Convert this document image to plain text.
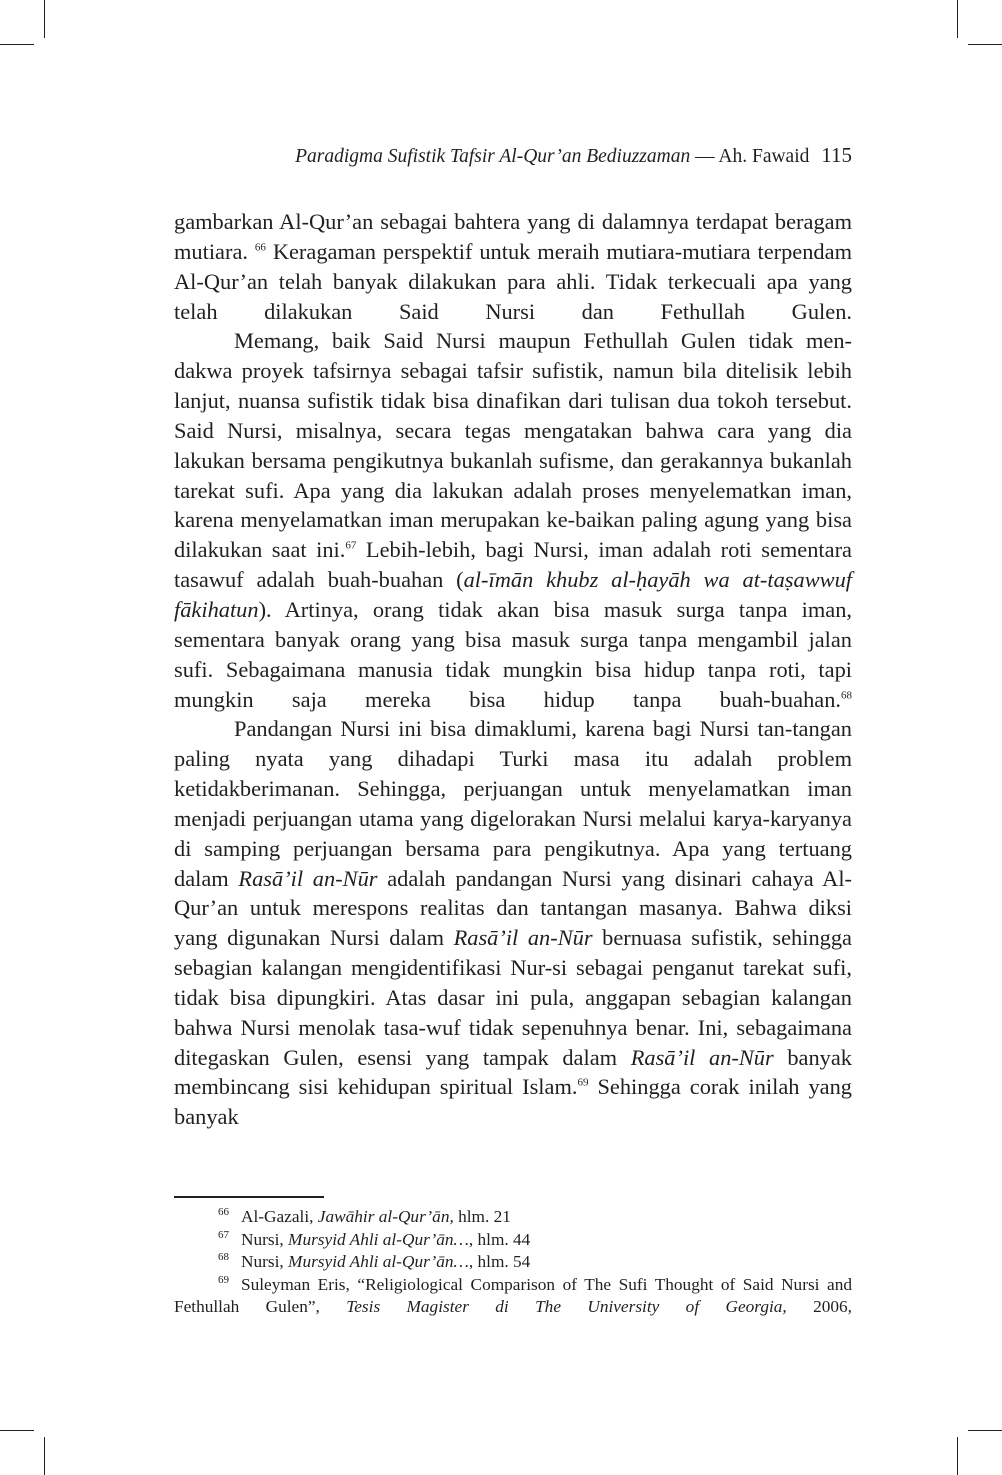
Paradigma Sufistik Tafsir Al-Qur’an Bediuzzaman — Ah. Fawaid 115

gambarkan Al-Qur’an sebagai bahtera yang di dalamnya terdapat beragam mutiara. $^{66}$ Keragaman perspektif untuk meraih mutiara-mutiara terpendam Al-Qur’an telah banyak dilakukan para ahli. Tidak terkecuali apa yang telah dilakukan Said Nursi dan Fethullah Gulen.

Memang, baik Said Nursi maupun Fethullah Gulen tidak men-dakwa proyek tafsirnya sebagai tafsir sufistik, namun bila ditelisik lebih lanjut, nuansa sufistik tidak bisa dinafikan dari tulisan dua tokoh tersebut. Said Nursi, misalnya, secara tegas mengatakan bahwa cara yang dia lakukan bersama pengikutnya bukanlah sufisme, dan gerakannya bukanlah tarekat sufi. Apa yang dia lakukan adalah proses menyelematkan iman, karena menyelamatkan iman merupakan ke-baikan paling agung yang bisa dilakukan saat ini.$^{67}$ Lebih-lebih, bagi Nursi, iman adalah roti sementara tasawuf adalah buah-buahan (al-īmān khubz al-ḥayāh wa at-taṣawwuf fākihatun). Artinya, orang tidak akan bisa masuk surga tanpa iman, sementara banyak orang yang bisa masuk surga tanpa mengambil jalan sufi. Sebagaimana manusia tidak mungkin bisa hidup tanpa roti, tapi mungkin saja mereka bisa hidup tanpa buah-buahan.$^{68}$

Pandangan Nursi ini bisa dimaklumi, karena bagi Nursi tan-tangan paling nyata yang dihadapi Turki masa itu adalah problem ketidakberimanan. Sehingga, perjuangan untuk menyelamatkan iman menjadi perjuangan utama yang digelorakan Nursi melalui karya-karyanya di samping perjuangan bersama para pengikutnya. Apa yang tertuang dalam Rasā’il an-Nūr adalah pandangan Nursi yang disinari cahaya Al-Qur’an untuk merespons realitas dan tantangan masanya. Bahwa diksi yang digunakan Nursi dalam Rasā’il an-Nūr bernuasa sufistik, sehingga sebagian kalangan mengidentifikasi Nur-si sebagai penganut tarekat sufi, tidak bisa dipungkiri. Atas dasar ini pula, anggapan sebagian kalangan bahwa Nursi menolak tasa-wuf tidak sepenuhnya benar. Ini, sebagaimana ditegaskan Gulen, esensi yang tampak dalam Rasā’il an-Nūr banyak membincang sisi kehidupan spiritual Islam.$^{69}$ Sehingga corak inilah yang banyak

$^{66}$ Al-Gazali, Jawāhir al-Qur’ān, hlm. 21

$^{67}$ Nursi, Mursyid Ahli al-Qur’ān…, hlm. 44

$^{68}$ Nursi, Mursyid Ahli al-Qur’ān…, hlm. 54

$^{69}$ Suleyman Eris, “Religiological Comparison of The Sufi Thought of Said Nursi and Fethullah Gulen”, Tesis Magister di The University of Georgia, 2006,
